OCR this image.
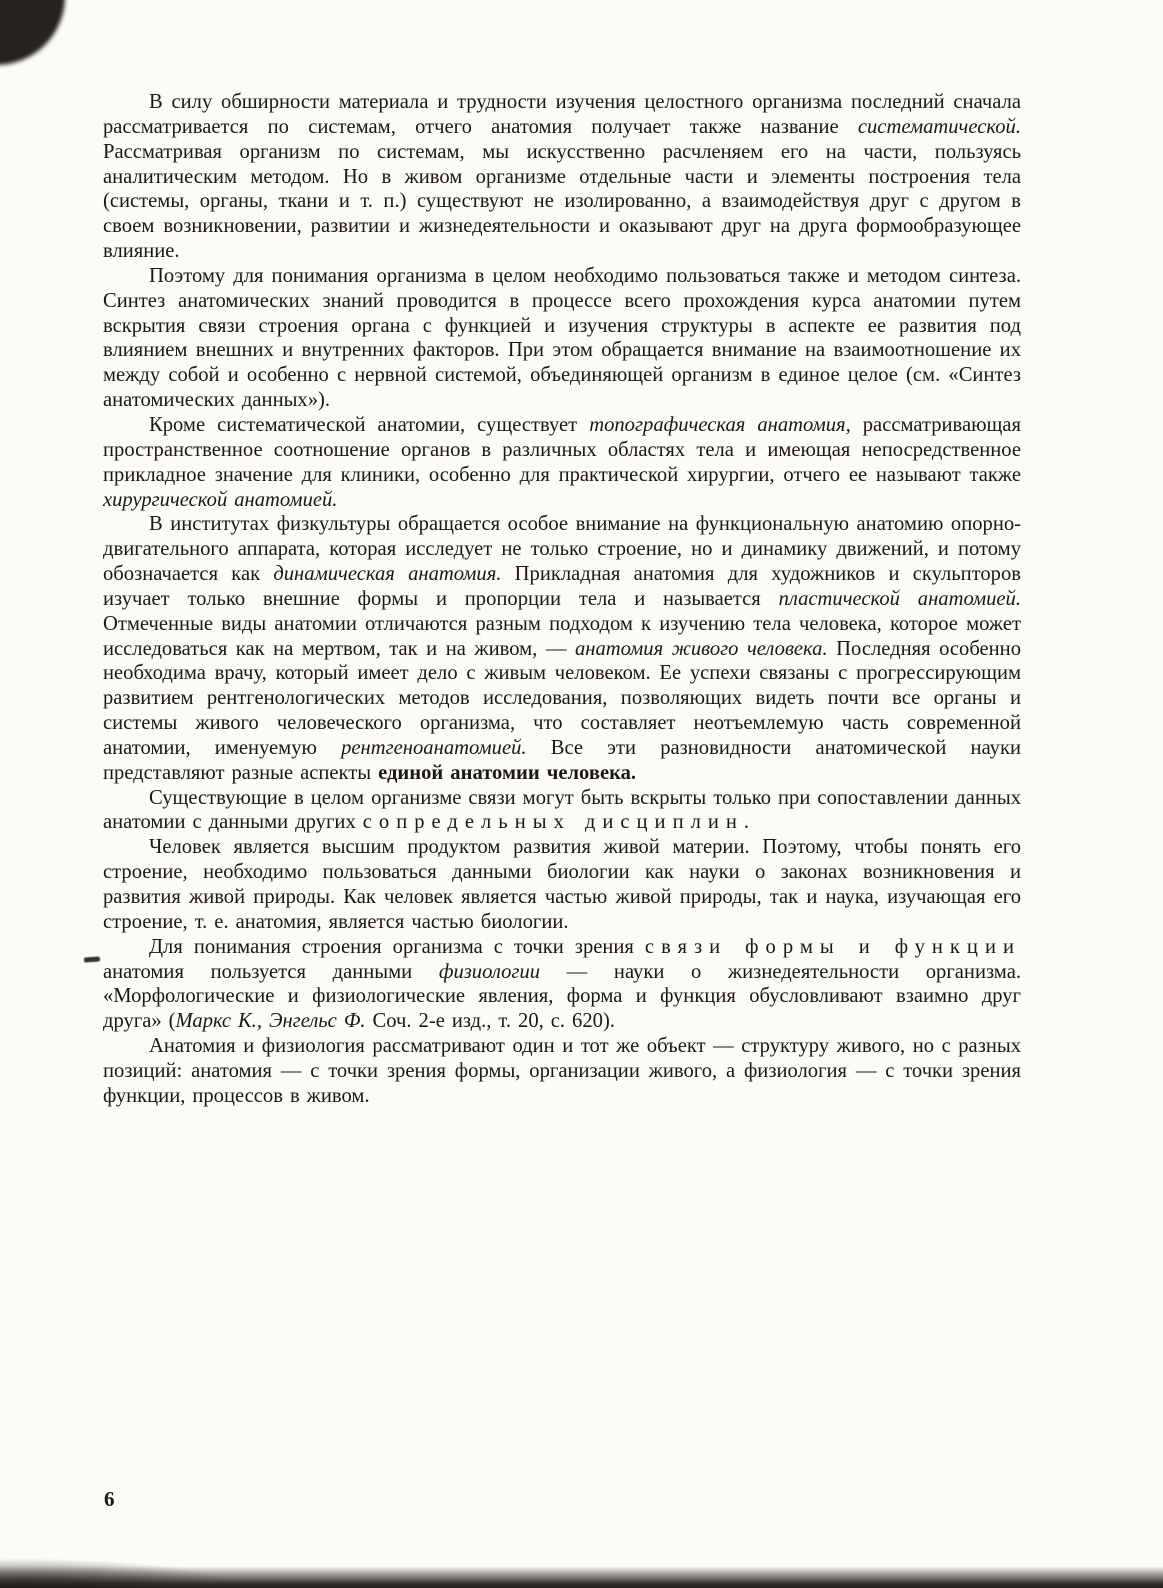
В силу обширности материала и трудности изучения целостного организма последний сначала рассматривается по системам, отчего анатомия получает также название систематической. Рассматривая организм по системам, мы искусственно расчленяем его на части, пользуясь аналитическим методом. Но в живом организме отдельные части и элементы построения тела (системы, органы, ткани и т. п.) существуют не изолированно, а взаимодействуя друг с другом в своем возникновении, развитии и жизнедеятельности и оказывают друг на друга формообразующее влияние.

Поэтому для понимания организма в целом необходимо пользоваться также и методом синтеза. Синтез анатомических знаний проводится в процессе всего прохождения курса анатомии путем вскрытия связи строения органа с функцией и изучения структуры в аспекте ее развития под влиянием внешних и внутренних факторов. При этом обращается внимание на взаимоотношение их между собой и особенно с нервной системой, объединяющей организм в единое целое (см. «Синтез анатомических данных»).

Кроме систематической анатомии, существует топографическая анатомия, рассматривающая пространственное соотношение органов в различных областях тела и имеющая непосредственное прикладное значение для клиники, особенно для практической хирургии, отчего ее называют также хирургической анатомией.

В институтах физкультуры обращается особое внимание на функциональную анатомию опорно-двигательного аппарата, которая исследует не только строение, но и динамику движений, и потому обозначается как динамическая анатомия. Прикладная анатомия для художников и скульпторов изучает только внешние формы и пропорции тела и называется пластической анатомией. Отмеченные виды анатомии отличаются разным подходом к изучению тела человека, которое может исследоваться как на мертвом, так и на живом, — анатомия живого человека. Последняя особенно необходима врачу, который имеет дело с живым человеком. Ее успехи связаны с прогрессирующим развитием рентгенологических методов исследования, позволяющих видеть почти все органы и системы живого человеческого организма, что составляет неотъемлемую часть современной анатомии, именуемую рентгеноанатомией. Все эти разновидности анатомической науки представляют разные аспекты единой анатомии человека.

Существующие в целом организме связи могут быть вскрыты только при сопоставлении данных анатомии с данными других сопредельных дисциплин.

Человек является высшим продуктом развития живой материи. Поэтому, чтобы понять его строение, необходимо пользоваться данными биологии как науки о законах возникновения и развития живой природы. Как человек является частью живой природы, так и наука, изучающая его строение, т. е. анатомия, является частью биологии.

Для понимания строения организма с точки зрения связи формы и функции анатомия пользуется данными физиологии — науки о жизнедеятельности организма. «Морфологические и физиологические явления, форма и функция обусловливают взаимно друг друга» (Маркс К., Энгельс Ф. Соч. 2-е изд., т. 20, с. 620).

Анатомия и физиология рассматривают один и тот же объект — структуру живого, но с разных позиций: анатомия — с точки зрения формы, организации живого, а физиология — с точки зрения функции, процессов в живом.

6
